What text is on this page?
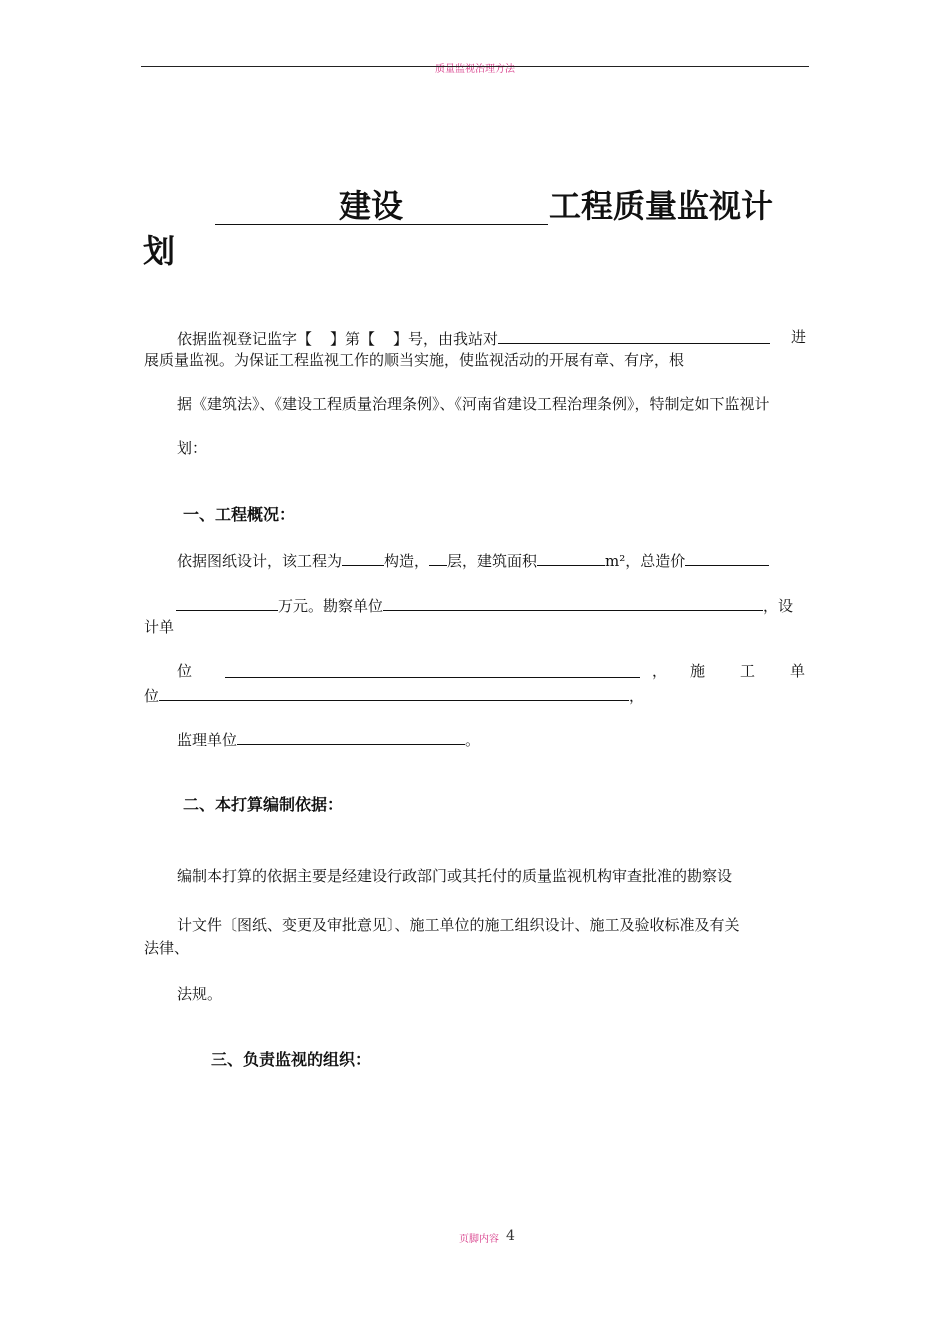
质量监视治理方法
建设	工程质量监视计
划
依据监视登记监字【 】第【 】号，由我站对	进
展质量监视。为保证工程监视工作的顺当实施，使监视活动的开展有章、有序，根
据《建筑法》、《建设工程质量治理条例》、《河南省建设工程治理条例》，特制定如下监视计
划：
一、工程概况：
依据图纸设计，该工程为	构造， 层，建筑面积	m²，总造价
万元。勘察单位	，设
计单
位	， 施 工 单
位	，
监理单位	。
二、本打算编制依据：
编制本打算的依据主要是经建设行政部门或其托付的质量监视机构审查批准的勘察设
计文件〔图纸、变更及审批意见〕、施工单位的施工组织设计、施工及验收标准及有关
法律、
法规。
三、负责监视的组织：
页脚内容 4
